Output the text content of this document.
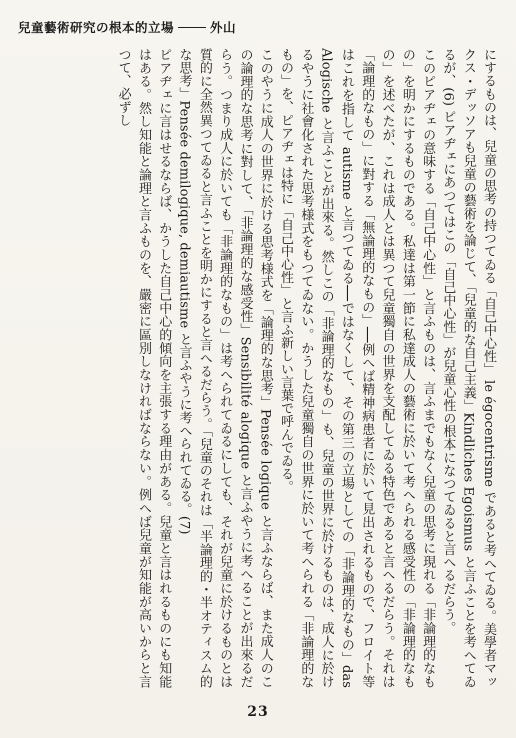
兒童藝術研究の根本的立場	外山

にするものは、兒童の思考の持つてゐる「自己中心性」 le égocentrisme であると考へてゐる。美學者マックス・デッソアも兒童の藝術を論じて、「兒童的な自己主義」Kindliches Egoismus と言ふことを考へてゐるが、(6) ピアヂェにあつてはこの「自己中心性」が兒童心性の根本になつてゐると言へるだらう。

このピアヂェの意味する「自己中心性」と言ふものは、言ふまでもなく兒童の思考に現れる「非論理的なもの」を明かにするものである。私達は第一節に私達成人の藝術に於いて考へられる感受性の「非論理的なもの」を述べたが、これは成人とは異つて兒童獨自の世界を支配してゐる特色であると言へるだらう。それは「論理的なもの」に對する「無論理的なもの」──例へば精神病患者に於いて見出されるもので、フロイト等はこれを指して autisme と言つてゐる──ではなくして、その第三の立場としての「非論理的なもの」das Alogische と言ふことが出來る。然しこの「非論理的なもの」も、兒童の世界に於けるものは、成人に於けるやうに社會化された思考様式をもつてゐない。かうした兒童獨自の世界に於いて考へられる「非論理的なもの」を、ピアヂェは特に「自己中心性」と言ふ新しい言葉で呼んでゐる。

このやうに成人の世界に於ける思考様式を「論理的な思考」Pensée logique と言ふならば、また成人のこの論理的な思考に對して、「非論理的な感受性」Sensibilité alogique と言ふやうに考へることが出來るだらう。つまり成人に於いても「非論理的なもの」は考へられてゐるにしても、それが兒童に於けるものとは質的に全然異つてゐると言ふことを明かにすると言へるだらう。「兒童のそれは「半論理的・半オティスム的な思考」Pensée demilogique, demiautisme と言ふやうに考へられてゐる。(7)

ピアヂェに言はせるならば、かうした自己中心的傾向を主張する理由がある。兒童と言はれるものにも知能はある。然し知能と論理と言ふものを、嚴密に區別しなければならない。例へば兒童が知能が高いからと言つて、必ずし

23
